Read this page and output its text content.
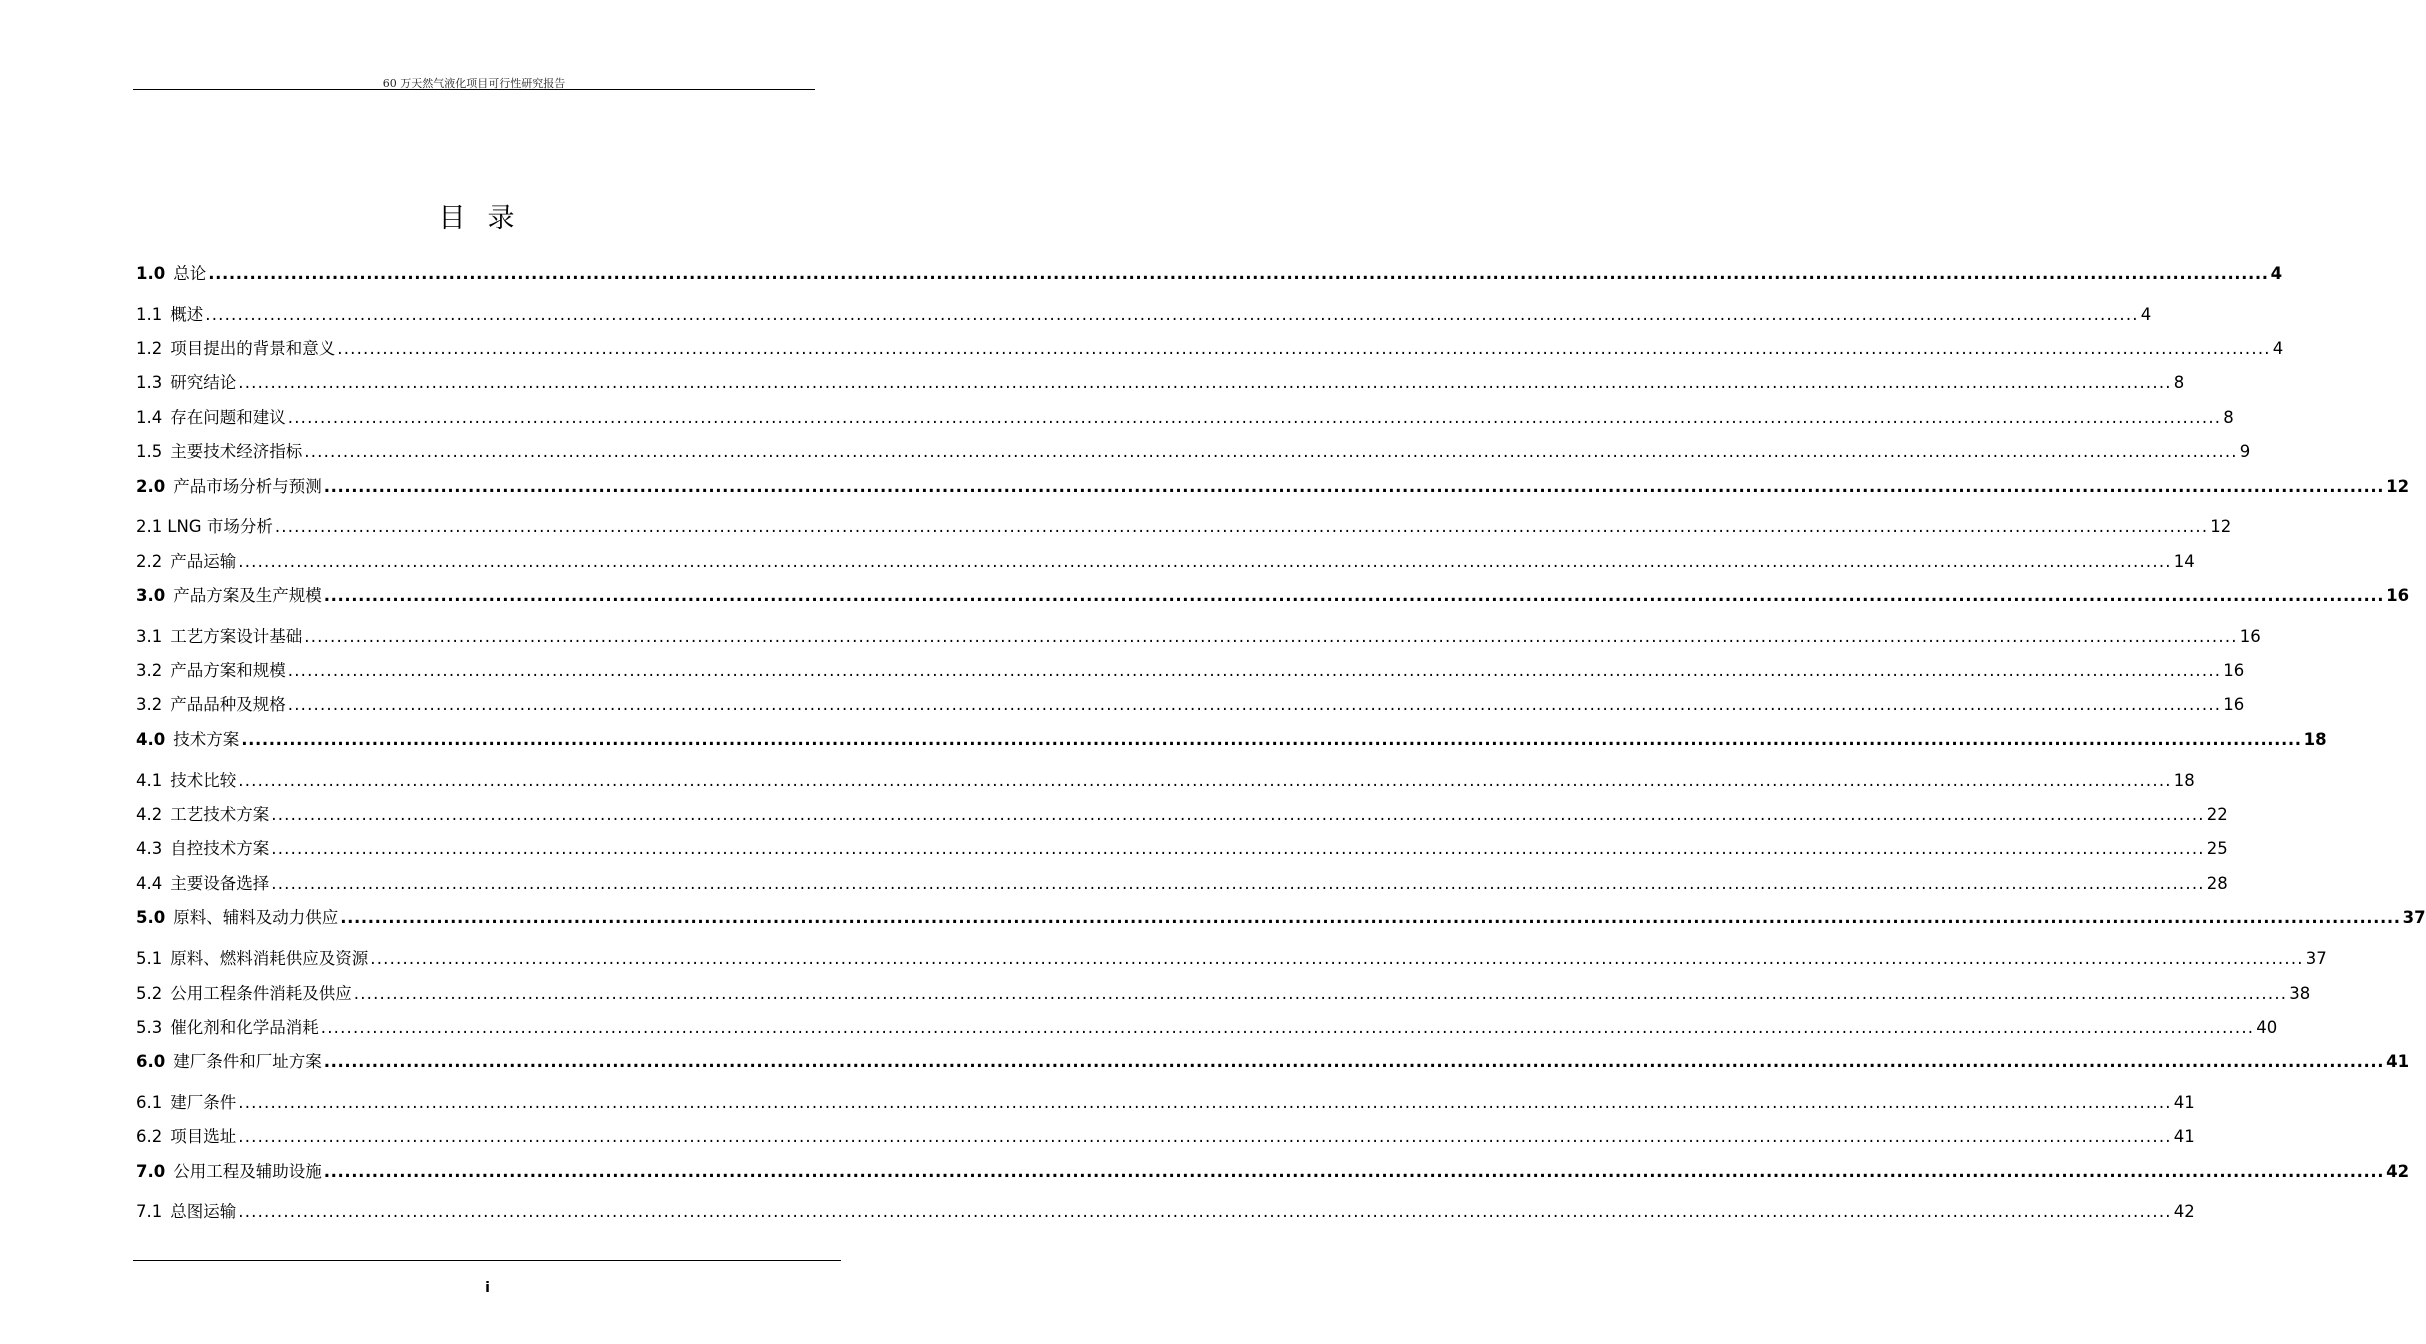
60 万天然气液化项目可行性研究报告
目录
1.0 总论 ............................................................................................................................................................................................................................................................................................................ 4
1.1 概述 ............................................................................................................................................................................................................................................................................................................ 4
1.2 项目提出的背景和意义 ............................................................................................................................................................................................................................................................................................................ 4
1.3 研究结论 ............................................................................................................................................................................................................................................................................................................ 8
1.4 存在问题和建议 ............................................................................................................................................................................................................................................................................................................ 8
1.5 主要技术经济指标 ............................................................................................................................................................................................................................................................................................................ 9
2.0 产品市场分析与预测 ............................................................................................................................................................................................................................................................................................................ 12
2.1 LNG 市场分析 ............................................................................................................................................................................................................................................................................................................ 12
2.2 产品运输 ............................................................................................................................................................................................................................................................................................................ 14
3.0 产品方案及生产规模 ............................................................................................................................................................................................................................................................................................................ 16
3.1 工艺方案设计基础 ............................................................................................................................................................................................................................................................................................................ 16
3.2 产品方案和规模 ............................................................................................................................................................................................................................................................................................................ 16
3.2 产品品种及规格 ............................................................................................................................................................................................................................................................................................................ 16
4.0 技术方案 ............................................................................................................................................................................................................................................................................................................ 18
4.1 技术比较 ............................................................................................................................................................................................................................................................................................................ 18
4.2 工艺技术方案 ............................................................................................................................................................................................................................................................................................................ 22
4.3 自控技术方案 ............................................................................................................................................................................................................................................................................................................ 25
4.4 主要设备选择 ............................................................................................................................................................................................................................................................................................................ 28
5.0 原料、辅料及动力供应 ............................................................................................................................................................................................................................................................................................................ 37
5.1 原料、燃料消耗供应及资源 ............................................................................................................................................................................................................................................................................................................ 37
5.2 公用工程条件消耗及供应 ............................................................................................................................................................................................................................................................................................................ 38
5.3 催化剂和化学品消耗 ............................................................................................................................................................................................................................................................................................................ 40
6.0 建厂条件和厂址方案 ............................................................................................................................................................................................................................................................................................................ 41
6.1 建厂条件 ............................................................................................................................................................................................................................................................................................................ 41
6.2 项目选址 ............................................................................................................................................................................................................................................................................................................ 41
7.0 公用工程及辅助设施 ............................................................................................................................................................................................................................................................................................................ 42
7.1 总图运输 ............................................................................................................................................................................................................................................................................................................ 42
i
